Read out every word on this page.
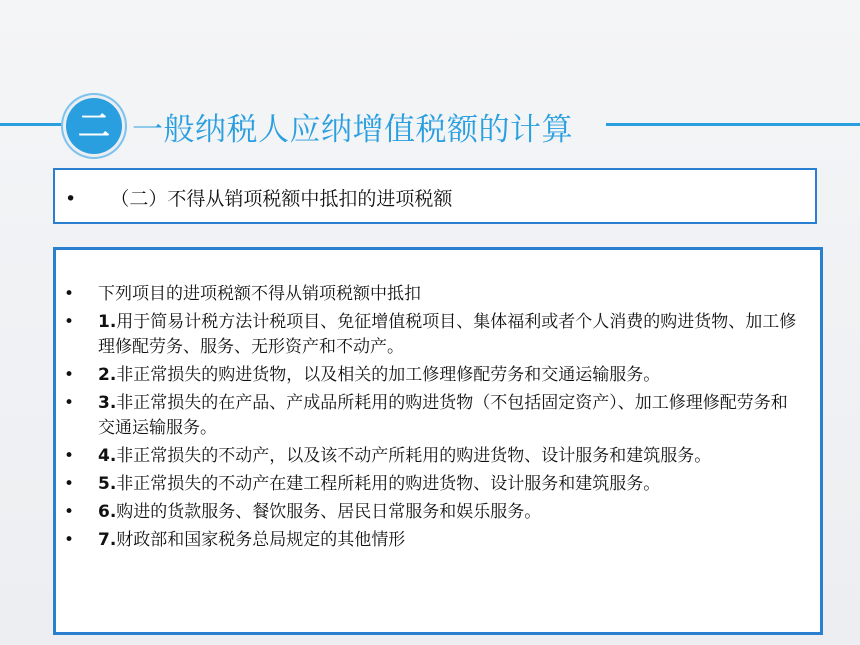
二 一般纳税人应纳增值税额的计算
• （二）不得从销项税额中抵扣的进项税额
• 下列项目的进项税额不得从销项税额中抵扣
• 1.用于简易计税方法计税项目、免征增值税项目、集体福利或者个人消费的购进货物、加工修理修配劳务、服务、无形资产和不动产。
• 2.非正常损失的购进货物，以及相关的加工修理修配劳务和交通运输服务。
• 3.非正常损失的在产品、产成品所耗用的购进货物（不包括固定资产）、加工修理修配劳务和交通运输服务。
• 4.非正常损失的不动产，以及该不动产所耗用的购进货物、设计服务和建筑服务。
• 5.非正常损失的不动产在建工程所耗用的购进货物、设计服务和建筑服务。
• 6.购进的货款服务、餐饮服务、居民日常服务和娱乐服务。
• 7.财政部和国家税务总局规定的其他情形
